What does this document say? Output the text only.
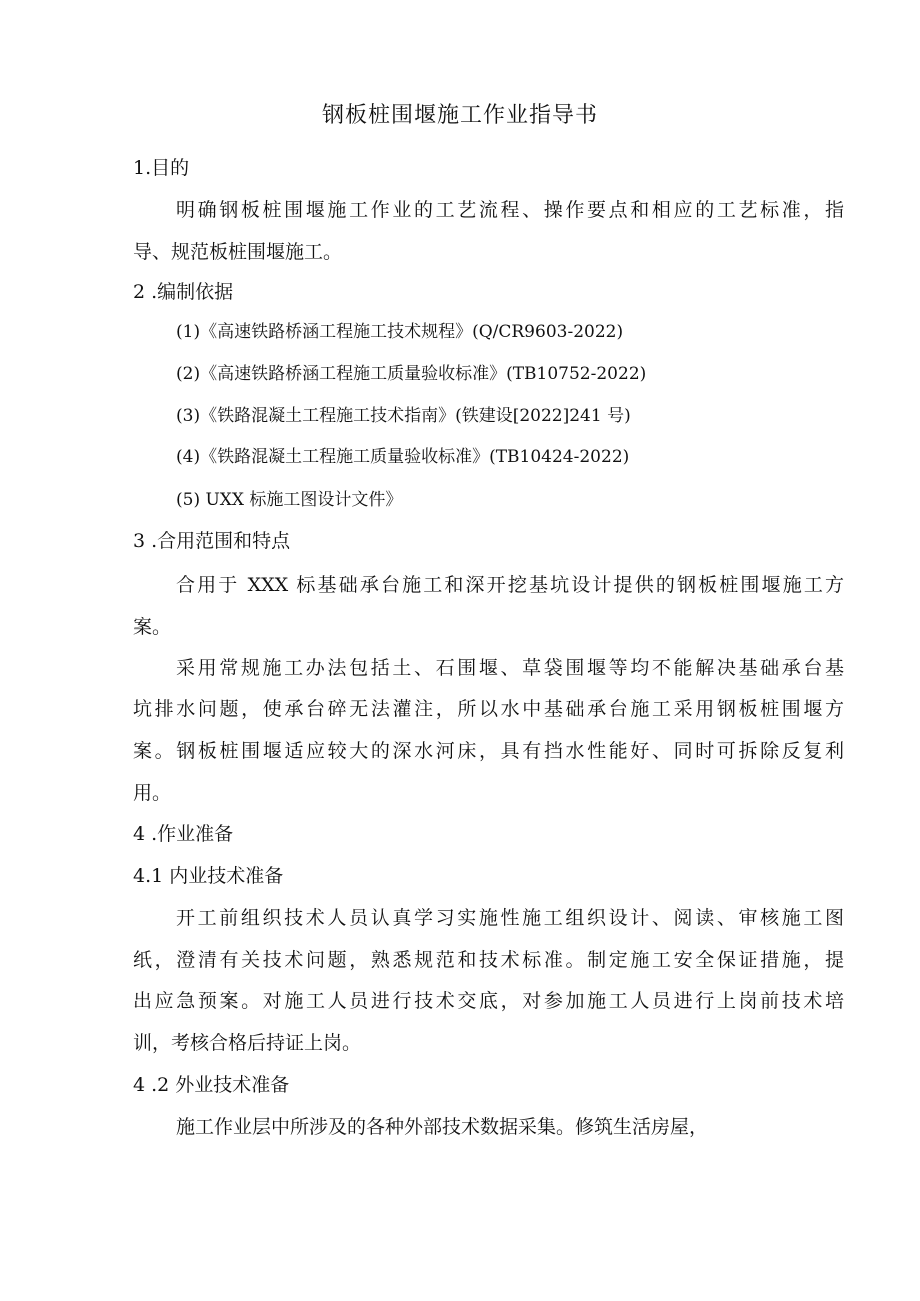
钢板桩围堰施工作业指导书
1.目的
明确钢板桩围堰施工作业的工艺流程、操作要点和相应的工艺标准，指
导、规范板桩围堰施工。
2 .编制依据
(1)《高速铁路桥涵工程施工技术规程》(Q/CR9603-2022)
(2)《高速铁路桥涵工程施工质量验收标准》(TB10752-2022)
(3)《铁路混凝土工程施工技术指南》(铁建设[2022]241 号)
(4)《铁路混凝土工程施工质量验收标准》(TB10424-2022)
(5) UXX 标施工图设计文件》
3 .合用范围和特点
合用于 XXX 标基础承台施工和深开挖基坑设计提供的钢板桩围堰施工方
案。
采用常规施工办法包括土、石围堰、草袋围堰等均不能解决基础承台基
坑排水问题，使承台碎无法灌注，所以水中基础承台施工采用钢板桩围堰方
案。钢板桩围堰适应较大的深水河床，具有挡水性能好、同时可拆除反复利
用。
4 .作业准备
4.1 内业技术准备
开工前组织技术人员认真学习实施性施工组织设计、阅读、审核施工图
纸，澄清有关技术问题，熟悉规范和技术标准。制定施工安全保证措施，提
出应急预案。对施工人员进行技术交底，对参加施工人员进行上岗前技术培
训，考核合格后持证上岗。
4 .2 外业技术准备
施工作业层中所涉及的各种外部技术数据采集。修筑生活房屋，
